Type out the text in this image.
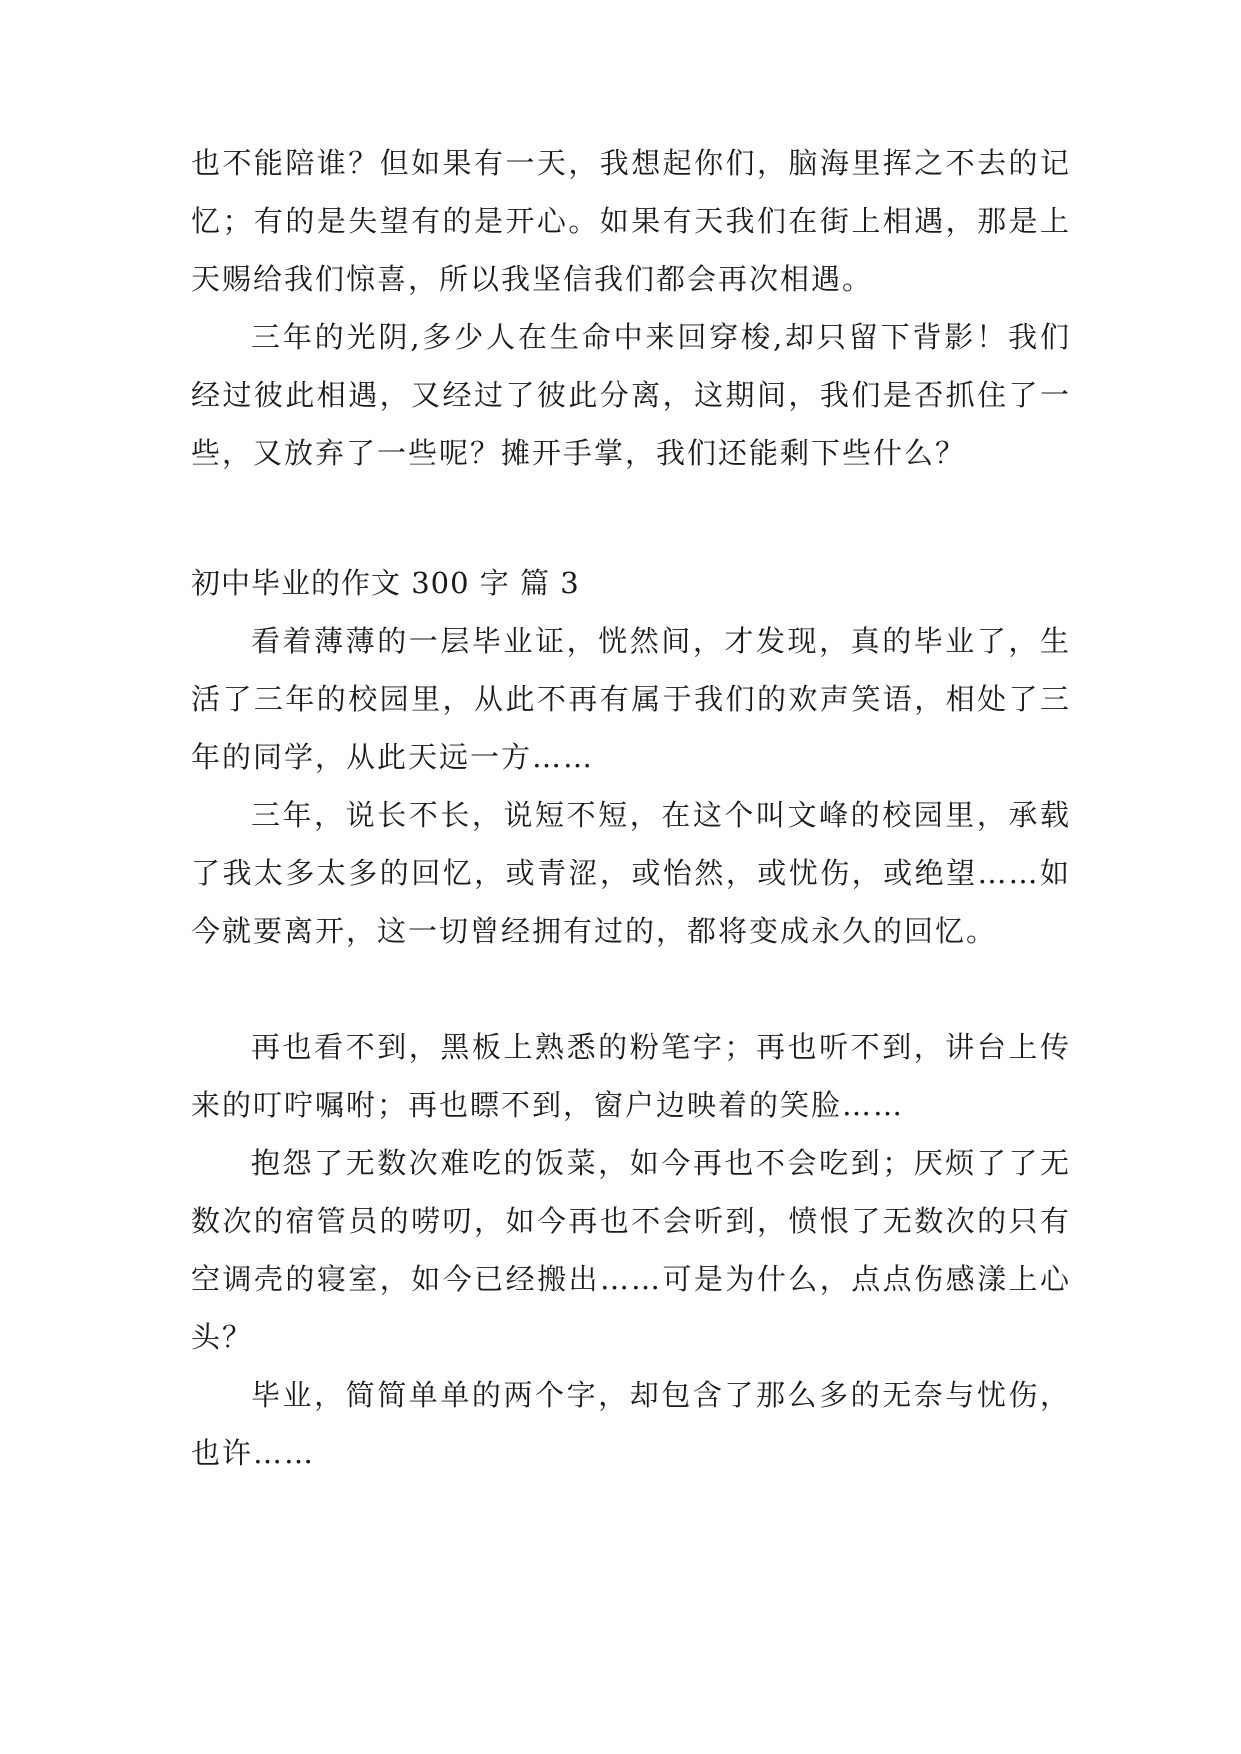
也不能陪谁？但如果有一天，我想起你们，脑海里挥之不去的记忆；有的是失望有的是开心。如果有天我们在街上相遇，那是上天赐给我们惊喜，所以我坚信我们都会再次相遇。

三年的光阴,多少人在生命中来回穿梭,却只留下背影！我们经过彼此相遇，又经过了彼此分离，这期间，我们是否抓住了一些，又放弃了一些呢？摊开手掌，我们还能剩下些什么？

初中毕业的作文 300 字 篇 3

看着薄薄的一层毕业证，恍然间，才发现，真的毕业了，生活了三年的校园里，从此不再有属于我们的欢声笑语，相处了三年的同学，从此天远一方……

三年，说长不长，说短不短，在这个叫文峰的校园里，承载了我太多太多的回忆，或青涩，或怡然，或忧伤，或绝望……如今就要离开，这一切曾经拥有过的，都将变成永久的回忆。

再也看不到，黑板上熟悉的粉笔字；再也听不到，讲台上传来的叮咛嘱咐；再也瞟不到，窗户边映着的笑脸……

抱怨了无数次难吃的饭菜，如今再也不会吃到；厌烦了了无数次的宿管员的唠叨，如今再也不会听到，愤恨了无数次的只有空调壳的寝室，如今已经搬出……可是为什么，点点伤感漾上心头？

毕业，简简单单的两个字，却包含了那么多的无奈与忧伤，也许……
